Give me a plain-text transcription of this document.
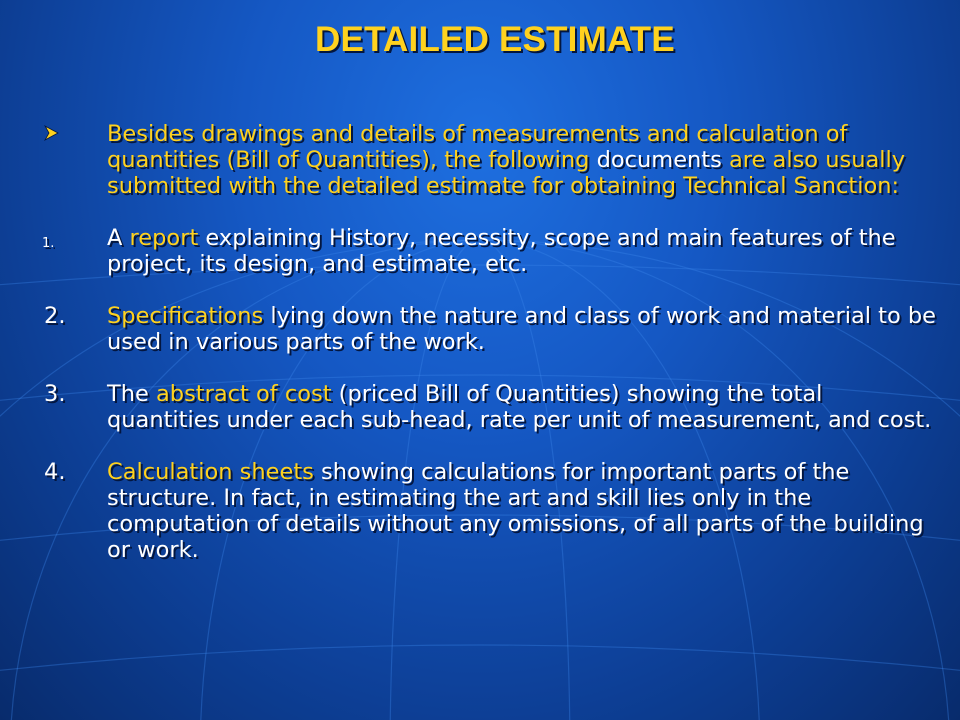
DETAILED ESTIMATE
Besides drawings and details of measurements and calculation of quantities (Bill of Quantities), the following documents are also usually submitted with the detailed estimate for obtaining Technical Sanction:
1. A report explaining History, necessity, scope and main features of the project, its design, and estimate, etc.
2. Specifications lying down the nature and class of work and material to be used in various parts of the work.
3. The abstract of cost (priced Bill of Quantities) showing the total quantities under each sub-head, rate per unit of measurement, and cost.
4. Calculation sheets showing calculations for important parts of the structure. In fact, in estimating the art and skill lies only in the computation of details without any omissions, of all parts of the building or work.
